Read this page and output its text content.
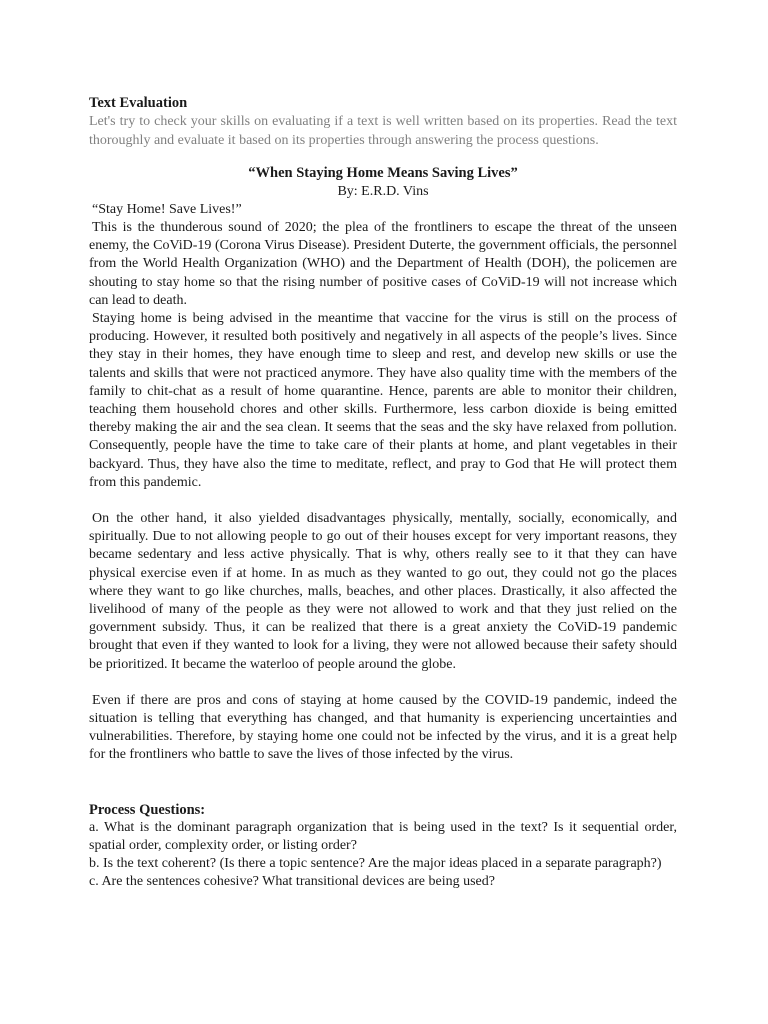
Text Evaluation

Let's try to check your skills on evaluating if a text is well written based on its properties. Read the text thoroughly and evaluate it based on its properties through answering the process questions.

“When Staying Home Means Saving Lives”

By: E.R.D. Vins

“Stay Home! Save Lives!”

This is the thunderous sound of 2020; the plea of the frontliners to escape the threat of the unseen enemy, the CoViD-19 (Corona Virus Disease). President Duterte, the government officials, the personnel from the World Health Organization (WHO) and the Department of Health (DOH), the policemen are shouting to stay home so that the rising number of positive cases of CoViD-19 will not increase which can lead to death.

Staying home is being advised in the meantime that vaccine for the virus is still on the process of producing. However, it resulted both positively and negatively in all aspects of the people’s lives. Since they stay in their homes, they have enough time to sleep and rest, and develop new skills or use the talents and skills that were not practiced anymore. They have also quality time with the members of the family to chit-chat as a result of home quarantine. Hence, parents are able to monitor their children, teaching them household chores and other skills. Furthermore, less carbon dioxide is being emitted thereby making the air and the sea clean. It seems that the seas and the sky have relaxed from pollution. Consequently, people have the time to take care of their plants at home, and plant vegetables in their backyard. Thus, they have also the time to meditate, reflect, and pray to God that He will protect them from this pandemic.

On the other hand, it also yielded disadvantages physically, mentally, socially, economically, and spiritually. Due to not allowing people to go out of their houses except for very important reasons, they became sedentary and less active physically. That is why, others really see to it that they can have physical exercise even if at home. In as much as they wanted to go out, they could not go the places where they want to go like churches, malls, beaches, and other places. Drastically, it also affected the livelihood of many of the people as they were not allowed to work and that they just relied on the government subsidy. Thus, it can be realized that there is a great anxiety the CoViD-19 pandemic brought that even if they wanted to look for a living, they were not allowed because their safety should be prioritized. It became the waterloo of people around the globe.

Even if there are pros and cons of staying at home caused by the COVID-19 pandemic, indeed the situation is telling that everything has changed, and that humanity is experiencing uncertainties and vulnerabilities. Therefore, by staying home one could not be infected by the virus, and it is a great help for the frontliners who battle to save the lives of those infected by the virus.

Process Questions:

a. What is the dominant paragraph organization that is being used in the text? Is it sequential order, spatial order, complexity order, or listing order?

b. Is the text coherent? (Is there a topic sentence? Are the major ideas placed in a separate paragraph?)

c. Are the sentences cohesive? What transitional devices are being used?
